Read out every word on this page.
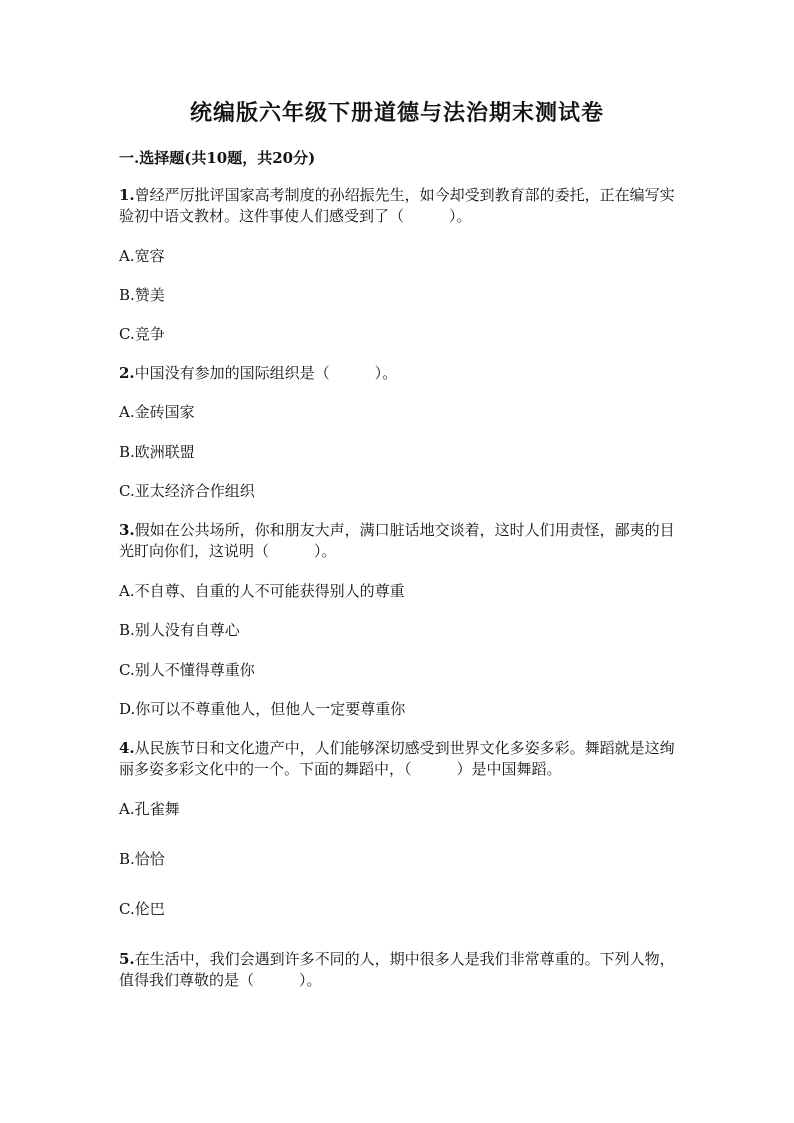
统编版六年级下册道德与法治期末测试卷
一.选择题(共10题，共20分)
1.曾经严厉批评国家高考制度的孙绍振先生，如今却受到教育部的委托，正在编写实验初中语文教材。这件事使人们感受到了（　　　）。
A.宽容
B.赞美
C.竞争
2.中国没有参加的国际组织是（　　　）。
A.金砖国家
B.欧洲联盟
C.亚太经济合作组织
3.假如在公共场所，你和朋友大声，满口脏话地交谈着，这时人们用责怪，鄙夷的目光盯向你们，这说明（　　　）。
A.不自尊、自重的人不可能获得别人的尊重
B.别人没有自尊心
C.别人不懂得尊重你
D.你可以不尊重他人，但他人一定要尊重你
4.从民族节日和文化遗产中，人们能够深切感受到世界文化多姿多彩。舞蹈就是这绚丽多姿多彩文化中的一个。下面的舞蹈中，（　　　）是中国舞蹈。
A.孔雀舞
B.恰恰
C.伦巴
5.在生活中，我们会遇到许多不同的人，期中很多人是我们非常尊重的。下列人物，　值得我们尊敬的是（　　　）。
